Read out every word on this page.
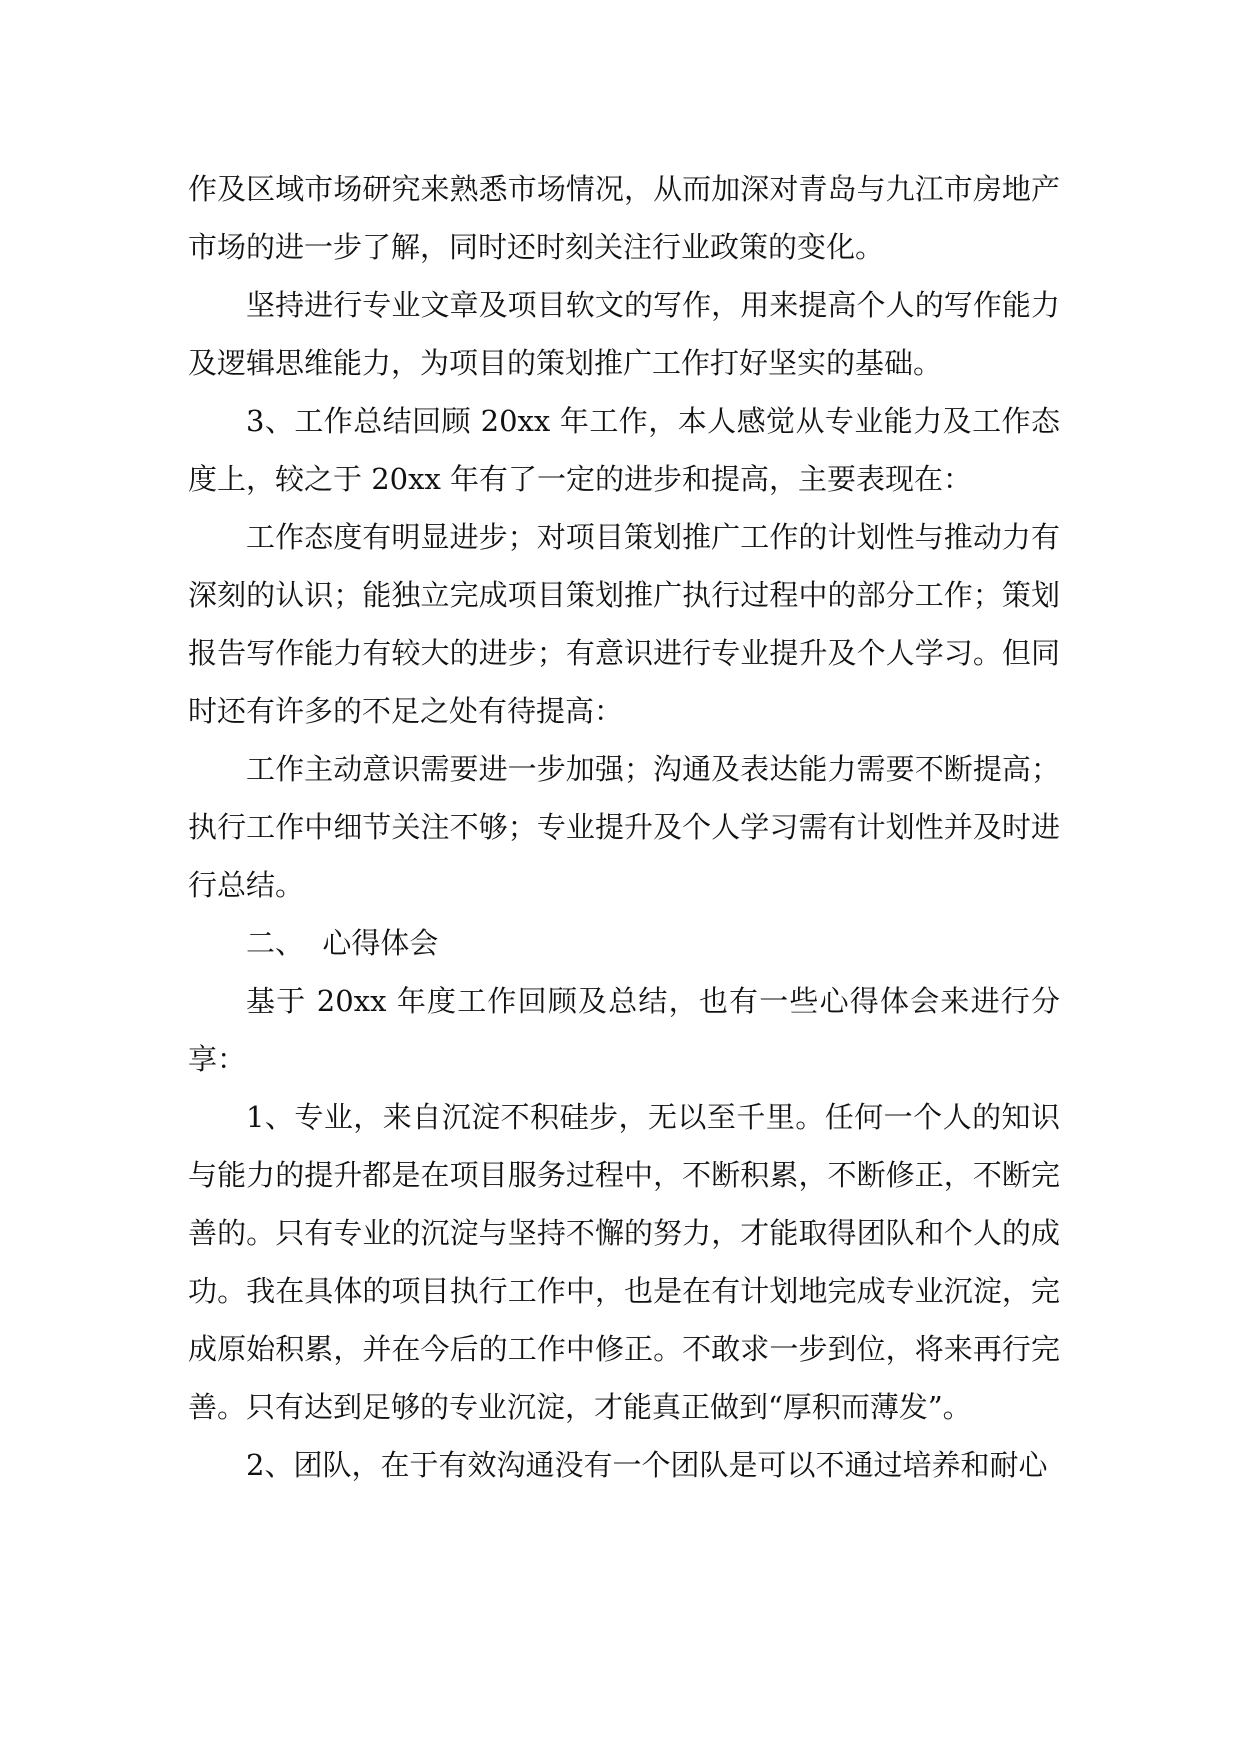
作及区域市场研究来熟悉市场情况，从而加深对青岛与九江市房地产市场的进一步了解，同时还时刻关注行业政策的变化。

坚持进行专业文章及项目软文的写作，用来提高个人的写作能力及逻辑思维能力，为项目的策划推广工作打好坚实的基础。

3、工作总结回顾 20xx 年工作，本人感觉从专业能力及工作态度上，较之于 20xx 年有了一定的进步和提高，主要表现在：

工作态度有明显进步；对项目策划推广工作的计划性与推动力有深刻的认识；能独立完成项目策划推广执行过程中的部分工作；策划报告写作能力有较大的进步；有意识进行专业提升及个人学习。但同时还有许多的不足之处有待提高：

工作主动意识需要进一步加强；沟通及表达能力需要不断提高；执行工作中细节关注不够；专业提升及个人学习需有计划性并及时进行总结。

二、  心得体会

基于 20xx 年度工作回顾及总结，也有一些心得体会来进行分享：

1、专业，来自沉淀不积硅步，无以至千里。任何一个人的知识与能力的提升都是在项目服务过程中，不断积累，不断修正，不断完善的。只有专业的沉淀与坚持不懈的努力，才能取得团队和个人的成功。我在具体的项目执行工作中，也是在有计划地完成专业沉淀，完成原始积累，并在今后的工作中修正。不敢求一步到位，将来再行完善。只有达到足够的专业沉淀，才能真正做到“厚积而薄发”。

2、团队，在于有效沟通没有一个团队是可以不通过培养和耐心
